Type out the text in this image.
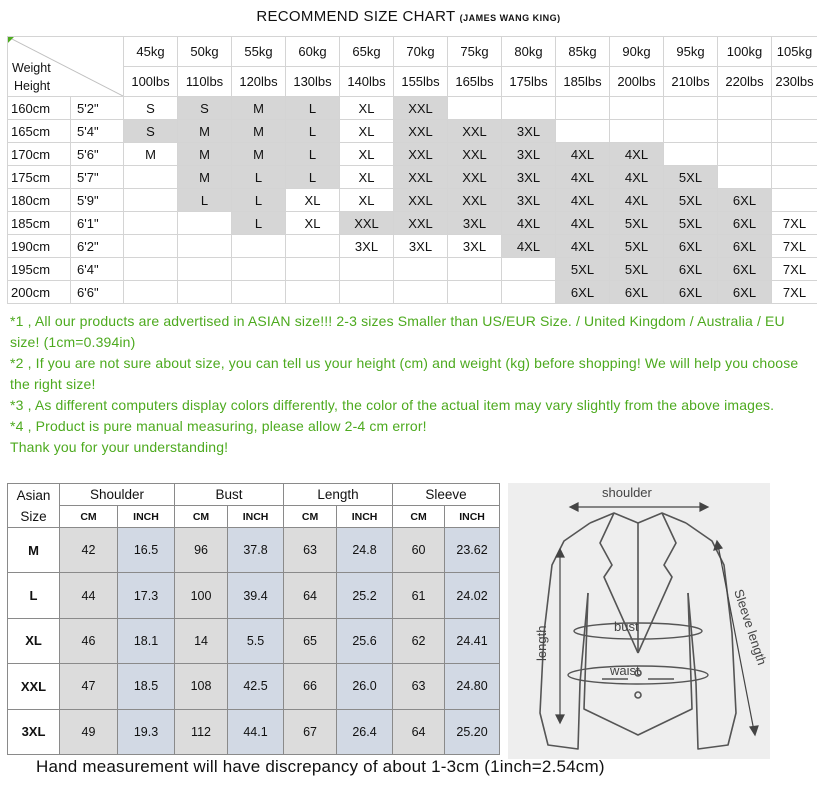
RECOMMEND SIZE CHART (JAMES WANG KING)
Weight
Height		45kg	50kg	55kg	60kg	65kg	70kg	75kg	80kg	85kg	90kg	95kg	100kg	105kg
		100lbs	110lbs	120lbs	130lbs	140lbs	155lbs	165lbs	175lbs	185lbs	200lbs	210lbs	220lbs	230lbs
160cm	5'2"	S	S	M	L	XL	XXL							
165cm	5'4"	S	M	M	L	XL	XXL	XXL	3XL					
170cm	5'6"	M	M	M	L	XL	XXL	XXL	3XL	4XL	4XL			
175cm	5'7"		M	L	L	XL	XXL	XXL	3XL	4XL	4XL	5XL		
180cm	5'9"		L	L	XL	XL	XXL	XXL	3XL	4XL	4XL	5XL	6XL	
185cm	6'1"			L	XL	XXL	XXL	3XL	4XL	4XL	5XL	5XL	6XL	7XL
190cm	6'2"					3XL	3XL	3XL	4XL	4XL	5XL	6XL	6XL	7XL
195cm	6'4"									5XL	5XL	6XL	6XL	7XL
200cm	6'6"									6XL	6XL	6XL	6XL	7XL

*1 , All our products are advertised in ASIAN size!!! 2-3 sizes Smaller than US/EUR Size. / United Kingdom / Australia / EU size! (1cm=0.394in)

*2 , If you are not sure about size, you can tell us your height (cm) and weight (kg) before shopping! We will help you choose the right size!

*3 , As different computers display colors differently, the color of the actual item may vary slightly from the above images.

*4 , Product is pure manual measuring, please allow 2-4 cm error!

Thank you for your understanding!

Asian
Size	Shoulder		Bust		Length		Sleeve	
	CM	INCH	CM	INCH	CM	INCH	CM	INCH
M	42	16.5	96	37.8	63	24.8	60	23.62
L	44	17.3	100	39.4	64	25.2	61	24.02
XL	46	18.1	14	5.5	65	25.6	62	24.41
XXL	47	18.5	108	42.5	66	26.0	63	24.80
3XL	49	19.3	112	44.1	67	26.4	64	25.20
shoulder
length	Sleeve length
bust
waist
Hand measurement will have discrepancy of about 1-3cm (1inch=2.54cm)
